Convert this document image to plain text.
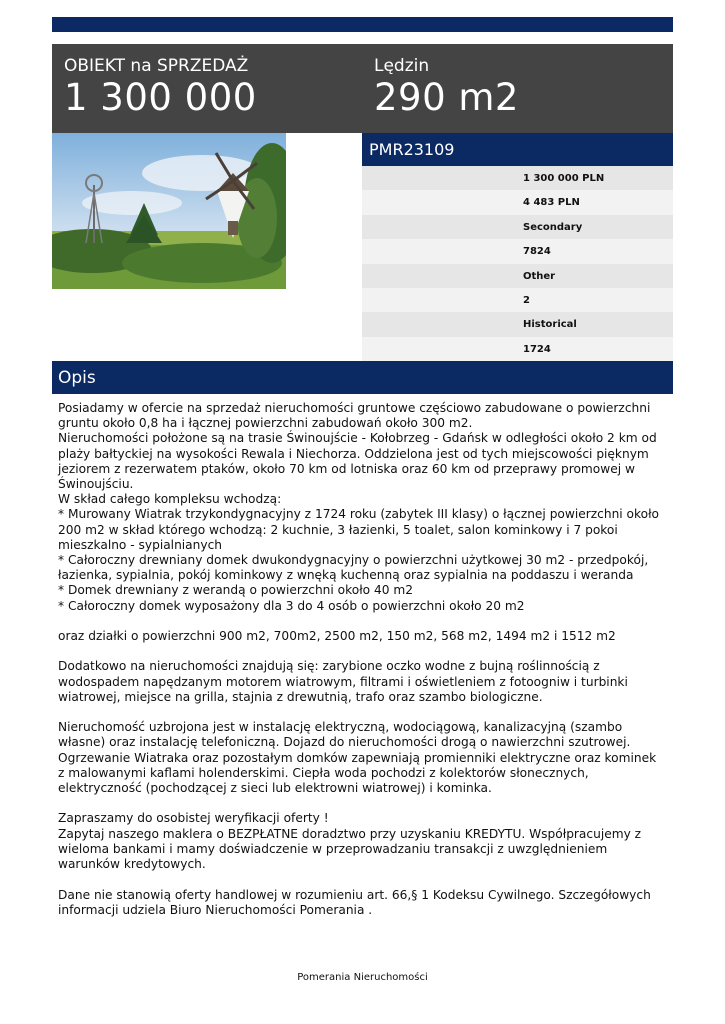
OBIEKT na SPRZEDAŻ
1 300 000
Lędzin
290 m2
PMR23109
1 300 000 PLN
4 483 PLN
Secondary
7824
Other
2
Historical
1724
Opis

Posiadamy w ofercie na sprzedaż nieruchomości gruntowe częściowo zabudowane o powierzchni
gruntu około 0,8 ha i łącznej powierzchni zabudowań około 300 m2.
Nieruchomości położone są na trasie Świnoujście - Kołobrzeg - Gdańsk w odległości około 2 km od
plaży bałtyckiej na wysokości Rewala i Niechorza. Oddzielona jest od tych miejscowości pięknym
jeziorem z rezerwatem ptaków, około 70 km od lotniska oraz 60 km od przeprawy promowej w
Świnoujściu.
W skład całego kompleksu wchodzą:
* Murowany Wiatrak trzykondygnacyjny z 1724 roku (zabytek III klasy) o łącznej powierzchni około
200 m2 w skład którego wchodzą: 2 kuchnie, 3 łazienki, 5 toalet, salon kominkowy i 7 pokoi
mieszkalno - sypialnianych
* Całoroczny drewniany domek dwukondygnacyjny o powierzchni użytkowej 30 m2 - przedpokój,
łazienka, sypialnia, pokój kominkowy z wnęką kuchenną oraz sypialnia na poddaszu i weranda
* Domek drewniany z werandą o powierzchni około 40 m2
* Całoroczny domek wyposażony dla 3 do 4 osób o powierzchni około 20 m2

oraz działki o powierzchni 900 m2, 700m2, 2500 m2, 150 m2, 568 m2, 1494 m2 i 1512 m2

Dodatkowo na nieruchomości znajdują się: zarybione oczko wodne z bujną roślinnością z
wodospadem napędzanym motorem wiatrowym, filtrami i oświetleniem z fotoogniw i turbinki
wiatrowej, miejsce na grilla, stajnia z drewutnią, trafo oraz szambo biologiczne.

Nieruchomość uzbrojona jest w instalację elektryczną, wodociągową, kanalizacyjną (szambo
własne) oraz instalację telefoniczną. Dojazd do nieruchomości drogą o nawierzchni szutrowej.
Ogrzewanie Wiatraka oraz pozostałym domków zapewniają promienniki elektryczne oraz kominek
z malowanymi kaflami holenderskimi. Ciepła woda pochodzi z kolektorów słonecznych,
elektryczność (pochodzącej z sieci lub elektrowni wiatrowej) i kominka.

Zapraszamy do osobistej weryfikacji oferty !
Zapytaj naszego maklera o BEZPŁATNE doradztwo przy uzyskaniu KREDYTU. Współpracujemy z
wieloma bankami i mamy doświadczenie w przeprowadzaniu transakcji z uwzględnieniem
warunków kredytowych.

Dane nie stanowią oferty handlowej w rozumieniu art. 66,§ 1 Kodeksu Cywilnego. Szczegółowych
informacji udziela Biuro Nieruchomości Pomerania .

Pomerania Nieruchomości
